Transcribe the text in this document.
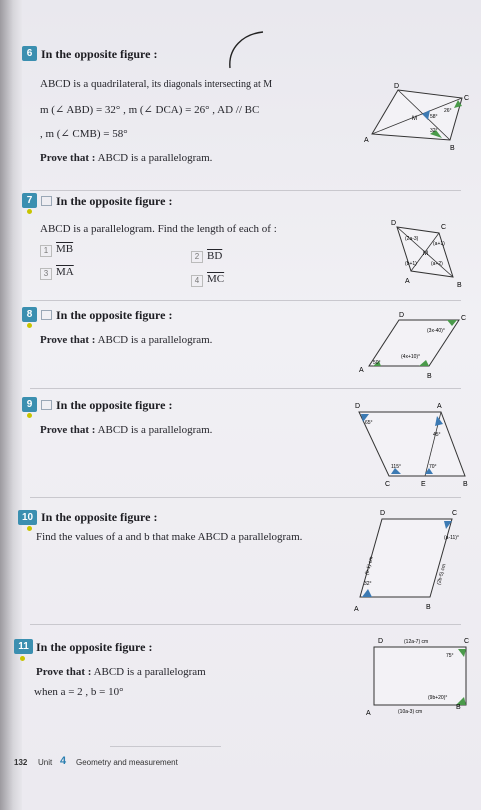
6 In the opposite figure :
ABCD is a quadrilateral, its diagonals intersecting at M
m (∠ ABD) = 32° , m (∠ DCA) = 26° , AD // BC
, m (∠ CMB) = 58°
Prove that : ABCD is a parallelogram.
D
C
A
B
M
26°
58°
32°
7	In the opposite figure :
ABCD is a parallelogram. Find the length of each of :
1 $\overline{MB}$
2 $\overline{BD}$
3 $\overline{MA}$
4 $\overline{MC}$
D
C
A
B
M
(2a-3)
(a+1)
(b+1)	(a+2)
8	In the opposite figure :
Prove that : ABCD is a parallelogram.
D	C
A
B
(3x-40)°
50°
(4x+10)°
9	In the opposite figure :
Prove that : ABCD is a parallelogram.
D	A
C	E	B
65°
45°
115°	70°
10 In the opposite figure :
Find the values of a and b that make ABCD a parallelogram.
D	C
A	B
(a-11)°
32°
(b-1) cm	(2b-5) cm
11 In the opposite figure :
Prove that : ABCD is a parallelogram
when a = 2 , b = 10°
D	C
A
B
(12a-7) cm
(10a-3) cm
75°
(9b+20)°
132 Unit 4 Geometry and measurement
